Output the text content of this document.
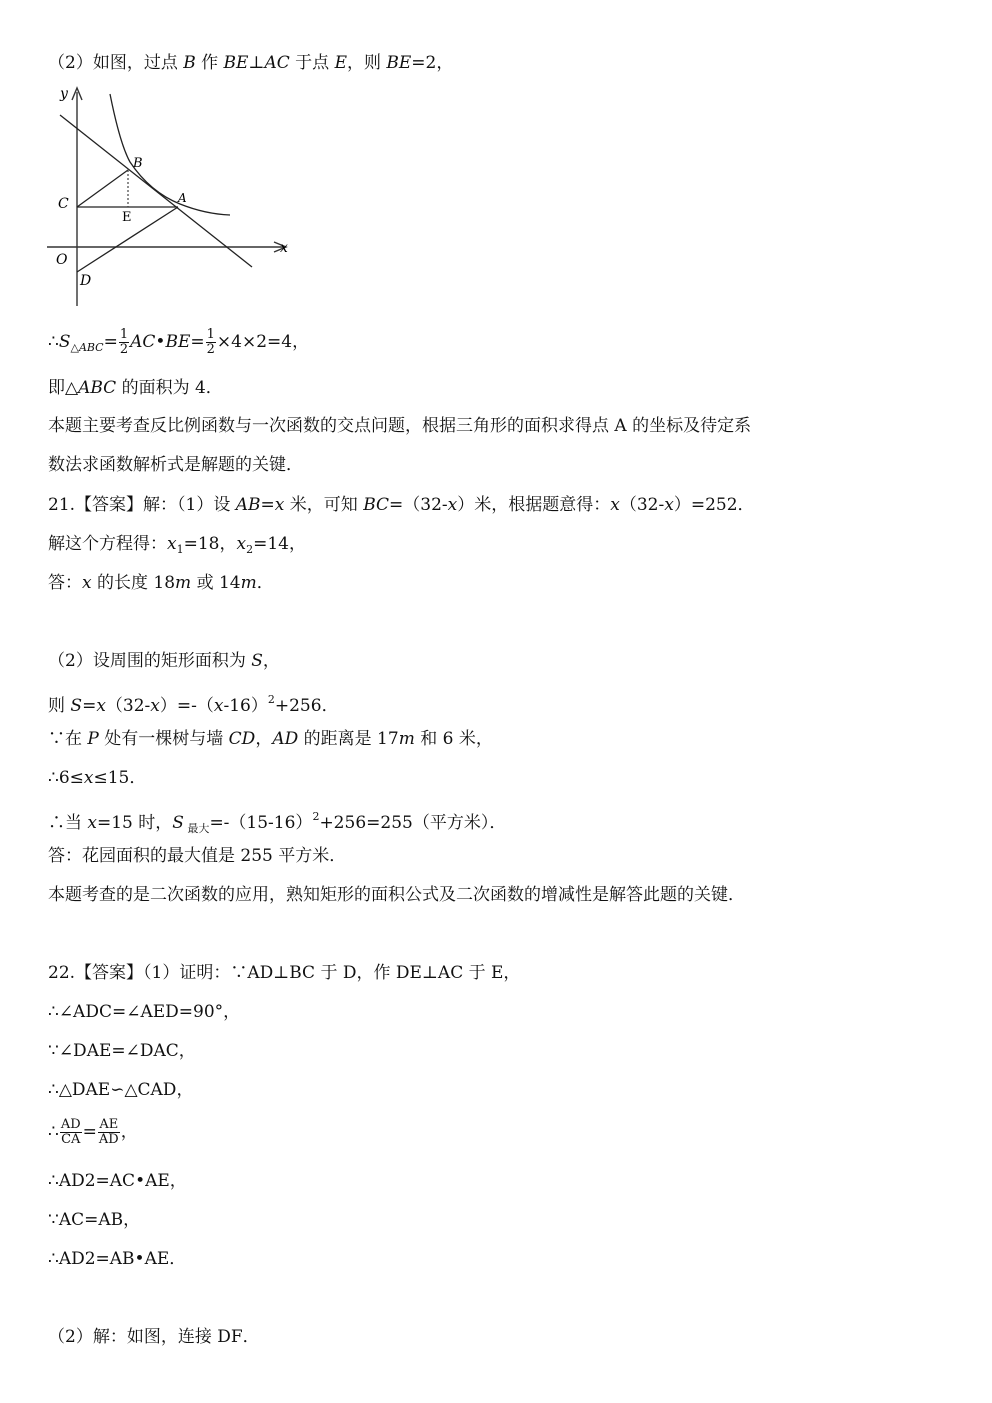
（2）如图，过点 B 作 BE⊥AC 于点 E，则 BE=2，
y
x
B
A
C
E
O
D
$\therefore S_{\triangle ABC}= \frac{1}{2}$ AC•BE= $\frac{1}{2} \times 4\times 2=4$，
即△ABC 的面积为 4．
本题主要考查反比例函数与一次函数的交点问题，根据三角形的面积求得点 A 的坐标及待定系
数法求函数解析式是解题的关键．
21.【答案】解：（1）设 AB=x 米，可知 BC=（32-x）米，根据题意得：x（32-x）=252．
解这个方程得：$x_1=18$，$x_2=14$，
答：x 的长度 18m 或 14m．
（2）设周围的矩形面积为 S，
则 $S=x(32-x)=-(x-16)^2+256$．
∵在 P 处有一棵树与墙 CD，AD 的距离是 17m 和 6 米，
∴6≤x≤15．
∴当 x=15 时，S $_{最大}=-(15-16)^2+256=255$（平方米）．
答：花园面积的最大值是 255 平方米．
本题考查的是二次函数的应用，熟知矩形的面积公式及二次函数的增减性是解答此题的关键．
22.【答案】（1）证明：∵AD⊥BC 于 D，作 DE⊥AC 于 E，
∴∠ADC=∠AED=90°，
∵∠DAE=∠DAC，
∴△DAE∽△CAD，
∴ $\frac{AD}{CA} = \frac{AE}{AD}$ ，
∴AD2=AC•AE，
∵AC=AB，
∴AD2=AB•AE．
（2）解：如图，连接 DF．
